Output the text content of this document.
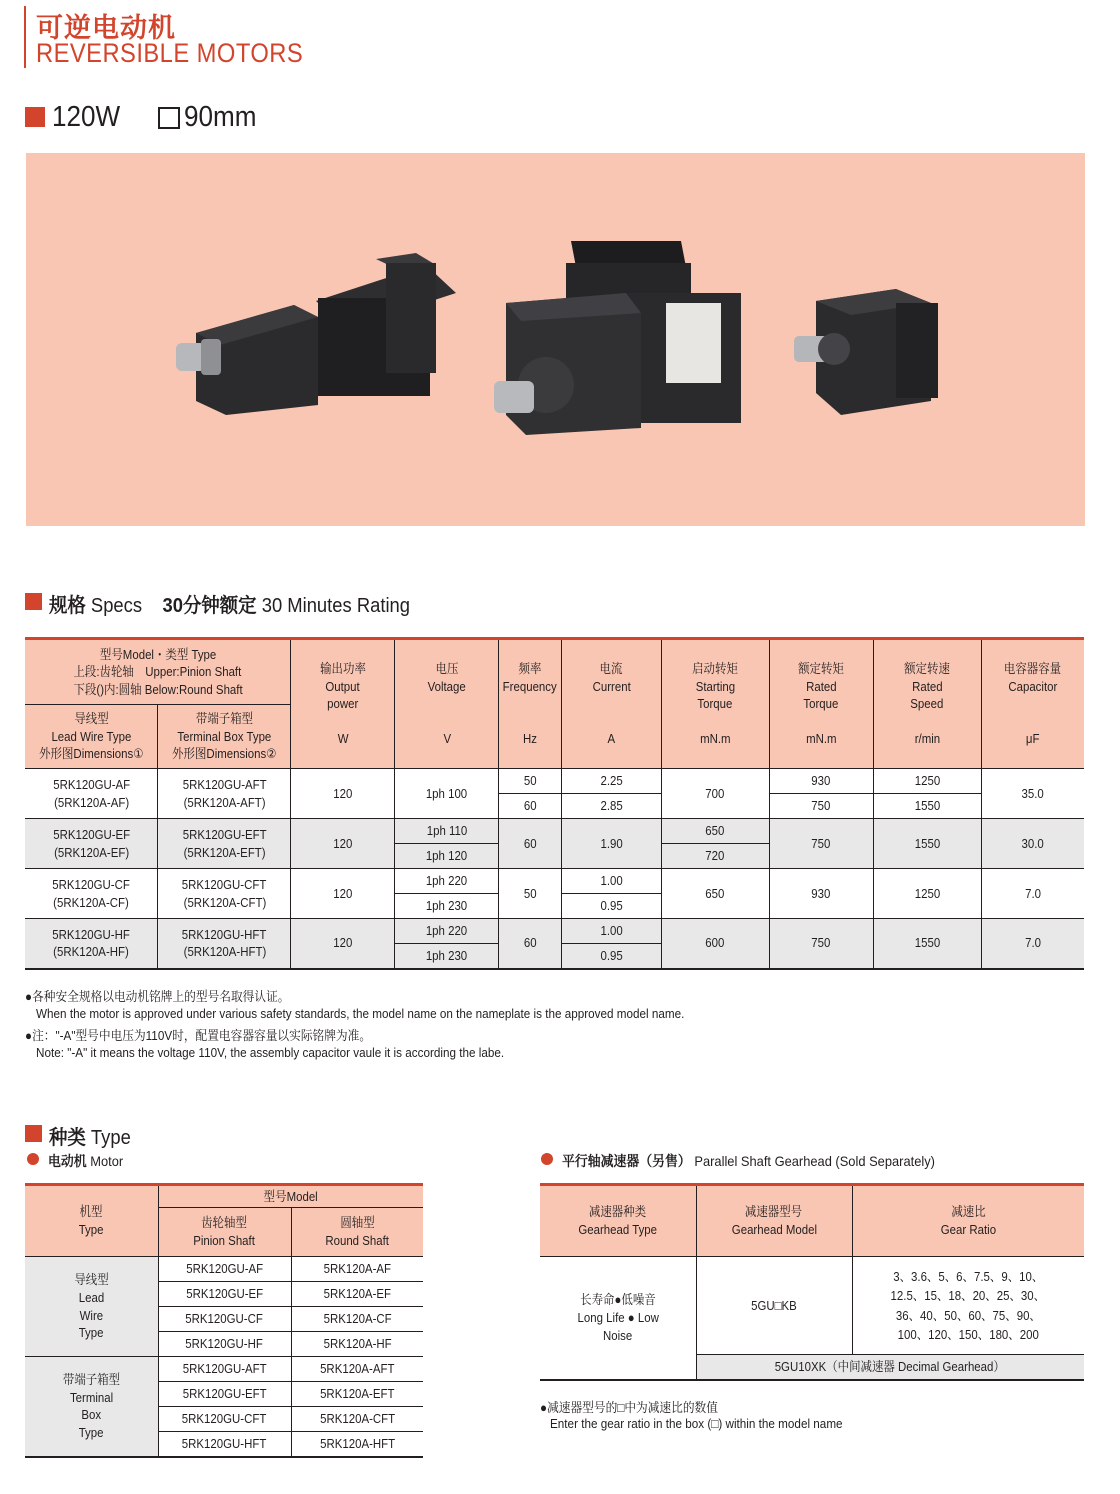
可逆电动机
REVERSIBLE MOTORS
120W 90mm
规格 Specs 30分钟额定 30 Minutes Rating
型号Model・类型 Type
上段:齿轮轴　Upper:Pinion Shaft
下段()内:圆轴 Below:Round Shaft		输出功率
Output
power

W	电压
Voltage

V	频率
Frequency

Hz	电流
Current

A	启动转矩
Starting
Torque

mN.m	额定转矩
Rated
Torque

mN.m	额定转速
Rated
Speed

r/min	电容器容量
Capacitor

μF
导线型
Lead Wire Type
外形图Dimensions①	带端子箱型
Terminal Box Type
外形图Dimensions②								
5RK120GU-AF
(5RK120A-AF)	5RK120GU-AFT
(5RK120A-AFT)	120	1ph 100	50	2.25	700	930	1250	35.0
				60	2.85		750	1550	
5RK120GU-EF
(5RK120A-EF)	5RK120GU-EFT
(5RK120A-EFT)	120	1ph 110	60	1.90	650	750	1550	30.0
			1ph 120			720			
5RK120GU-CF
(5RK120A-CF)	5RK120GU-CFT
(5RK120A-CFT)	120	1ph 220	50	1.00	650	930	1250	7.0
			1ph 230		0.95				
5RK120GU-HF
(5RK120A-HF)	5RK120GU-HFT
(5RK120A-HFT)	120	1ph 220	60	1.00	600	750	1550	7.0
			1ph 230		0.95				
●各种安全规格以电动机铭牌上的型号名取得认证。
When the motor is approved under various safety standards, the model name on the nameplate is the approved model name.
●注："-A"型号中电压为110V时，配置电容器容量以实际铭牌为准。
Note: "-A" it means the voltage 110V, the assembly capacitor vaule it is according the labe.
种类 Type
电动机 Motor	平行轴减速器（另售） Parallel Shaft Gearhead (Sold Separately)
机型
Type	型号Model	
	齿轮轴型
Pinion Shaft	圆轴型
Round Shaft
导线型
Lead
Wire
Type	5RK120GU-AF	5RK120A-AF
	5RK120GU-EF	5RK120A-EF
	5RK120GU-CF	5RK120A-CF
	5RK120GU-HF	5RK120A-HF
带端子箱型
Terminal
Box
Type	5RK120GU-AFT	5RK120A-AFT
	5RK120GU-EFT	5RK120A-EFT
	5RK120GU-CFT	5RK120A-CFT
	5RK120GU-HFT	5RK120A-HFT
减速器种类
Gearhead Type	减速器型号
Gearhead Model	减速比
Gear Ratio
长寿命●低噪音
Long Life ● Low
Noise	5GU□KB	3、3.6、5、6、7.5、9、10、
12.5、15、18、20、25、30、
36、40、50、60、75、90、
100、120、150、180、200
	5GU10XK（中间减速器 Decimal Gearhead）	
●减速器型号的□中为减速比的数值
Enter the gear ratio in the box (□) within the model name
